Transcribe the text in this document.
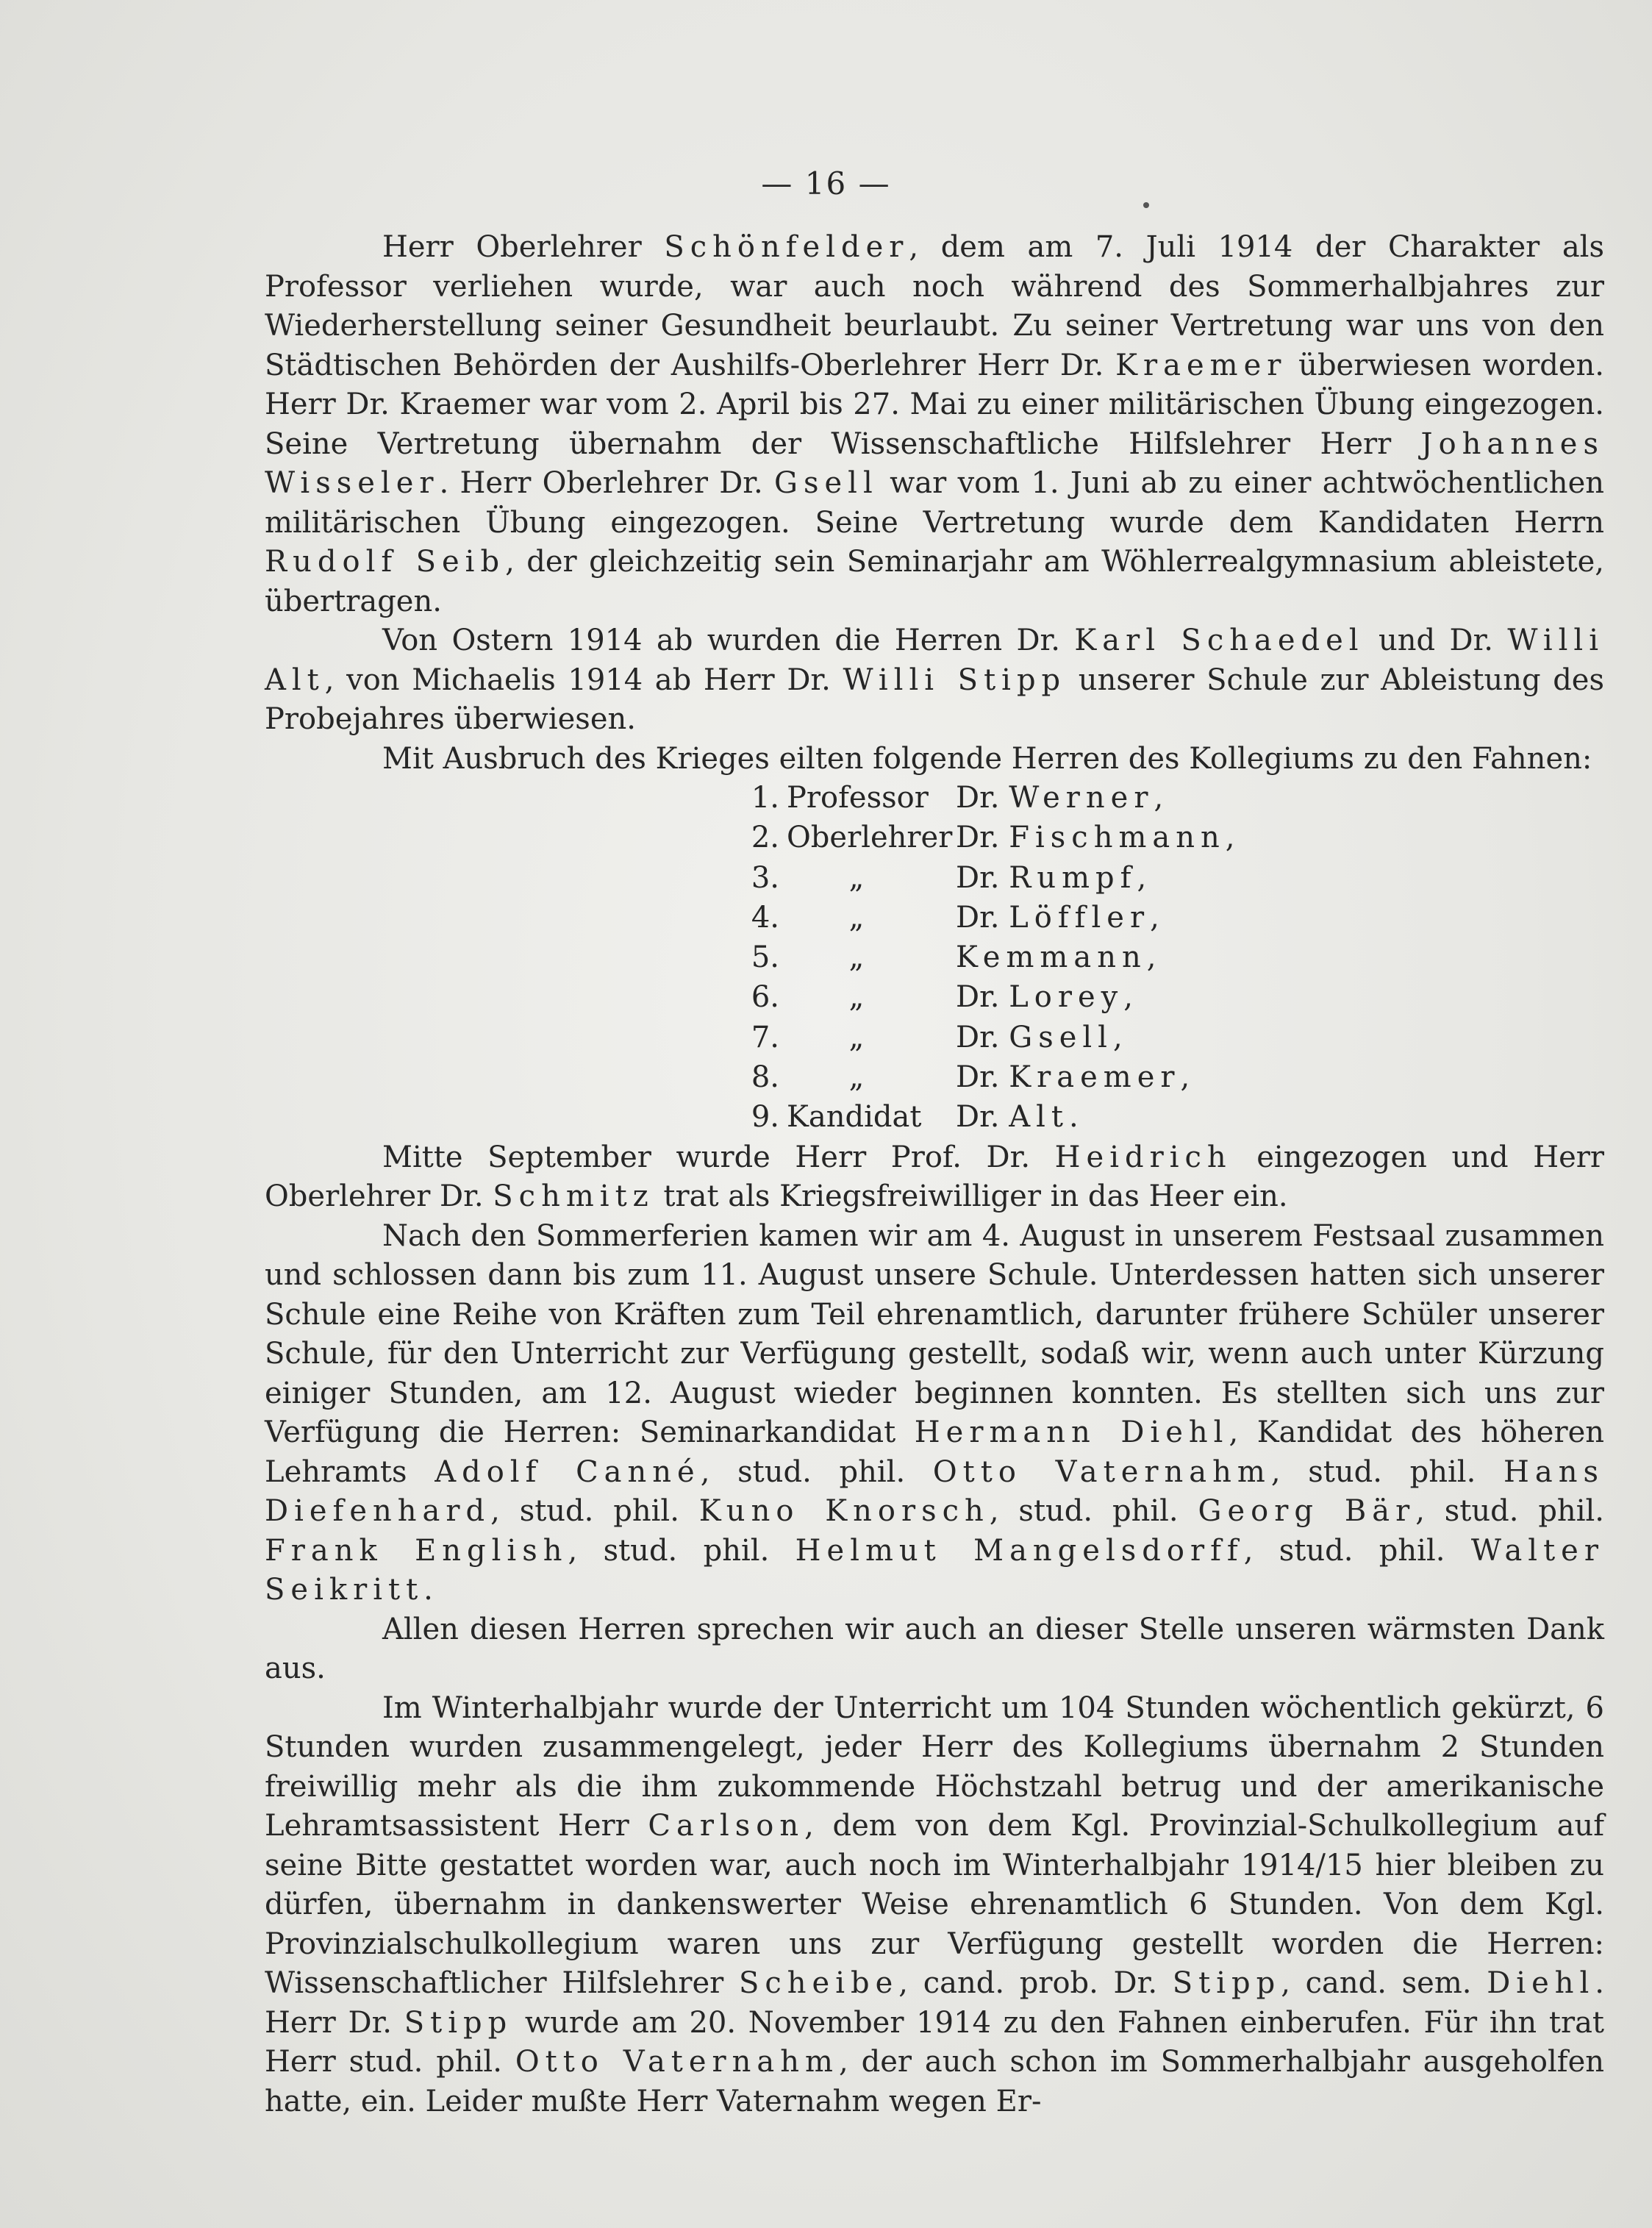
— 16 —

Herr Oberlehrer Schönfelder, dem am 7. Juli 1914 der Charakter als Professor verliehen wurde, war auch noch während des Sommerhalbjahres zur Wiederherstellung seiner Gesundheit beurlaubt. Zu seiner Vertretung war uns von den Städtischen Behörden der Aushilfs-Oberlehrer Herr Dr. Kraemer überwiesen worden. Herr Dr. Kraemer war vom 2. April bis 27. Mai zu einer militärischen Übung eingezogen. Seine Vertretung übernahm der Wissenschaftliche Hilfslehrer Herr Johannes Wisseler. Herr Oberlehrer Dr. Gsell war vom 1. Juni ab zu einer achtwöchentlichen militärischen Übung eingezogen. Seine Vertretung wurde dem Kandidaten Herrn Rudolf Seib, der gleichzeitig sein Seminarjahr am Wöhlerrealgymnasium ableistete, übertragen.

Von Ostern 1914 ab wurden die Herren Dr. Karl Schaedel und Dr. Willi Alt, von Michaelis 1914 ab Herr Dr. Willi Stipp unserer Schule zur Ableistung des Probejahres überwiesen.

Mit Ausbruch des Krieges eilten folgende Herren des Kollegiums zu den Fahnen:

1. Professor Dr. Werner,
2. Oberlehrer Dr. Fischmann,
3.	„	Dr. Rumpf,
4.	„	Dr. Löffler,
5.	„	Kemmann,
6.	„	Dr. Lorey,
7.	„	Dr. Gsell,
8.	„	Dr. Kraemer,
9. Kandidat	Dr. Alt.

Mitte September wurde Herr Prof. Dr. Heidrich eingezogen und Herr Oberlehrer Dr. Schmitz trat als Kriegsfreiwilliger in das Heer ein.

Nach den Sommerferien kamen wir am 4. August in unserem Festsaal zusammen und schlossen dann bis zum 11. August unsere Schule. Unterdessen hatten sich unserer Schule eine Reihe von Kräften zum Teil ehrenamtlich, darunter frühere Schüler unserer Schule, für den Unterricht zur Verfügung gestellt, sodaß wir, wenn auch unter Kürzung einiger Stunden, am 12. August wieder beginnen konnten. Es stellten sich uns zur Verfügung die Herren: Seminarkandidat Hermann Diehl, Kandidat des höheren Lehramts Adolf Canné, stud. phil. Otto Vaternahm, stud. phil. Hans Diefenhard, stud. phil. Kuno Knorsch, stud. phil. Georg Bär, stud. phil. Frank English, stud. phil. Helmut Mangelsdorff, stud. phil. Walter Seikritt.

Allen diesen Herren sprechen wir auch an dieser Stelle unseren wärmsten Dank aus.

Im Winterhalbjahr wurde der Unterricht um 104 Stunden wöchentlich gekürzt, 6 Stunden wurden zusammengelegt, jeder Herr des Kollegiums übernahm 2 Stunden freiwillig mehr als die ihm zukommende Höchstzahl betrug und der amerikanische Lehramtsassistent Herr Carlson, dem von dem Kgl. Provinzial-Schulkollegium auf seine Bitte gestattet worden war, auch noch im Winterhalbjahr 1914/15 hier bleiben zu dürfen, übernahm in dankenswerter Weise ehrenamtlich 6 Stunden. Von dem Kgl. Provinzialschulkollegium waren uns zur Verfügung gestellt worden die Herren: Wissenschaftlicher Hilfslehrer Scheibe, cand. prob. Dr. Stipp, cand. sem. Diehl. Herr Dr. Stipp wurde am 20. November 1914 zu den Fahnen einberufen. Für ihn trat Herr stud. phil. Otto Vaternahm, der auch schon im Sommerhalbjahr ausgeholfen hatte, ein. Leider mußte Herr Vaternahm wegen Er-
